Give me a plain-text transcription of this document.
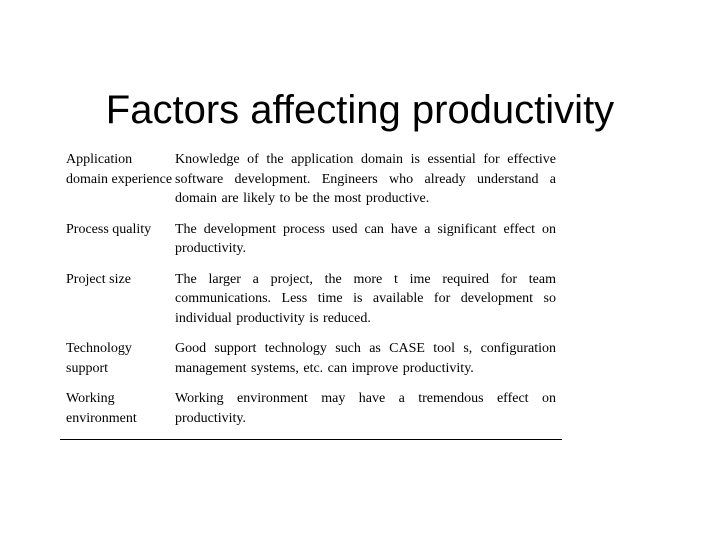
Factors affecting productivity
Application domain experience
Knowledge of the application domain is essential for effective software development. Engineers who already understand a domain are likely to be the most productive.
Process quality	The development process used can have a significant effect on productivity.
Project size	The larger a project, the more t ime required for team communications. Less time is available for development so individual productivity is reduced.
Technology support
Good support technology such as CASE tool s, configuration management systems, etc. can improve productivity.
Working environment
Working environment may have a tremendous effect on productivity.
